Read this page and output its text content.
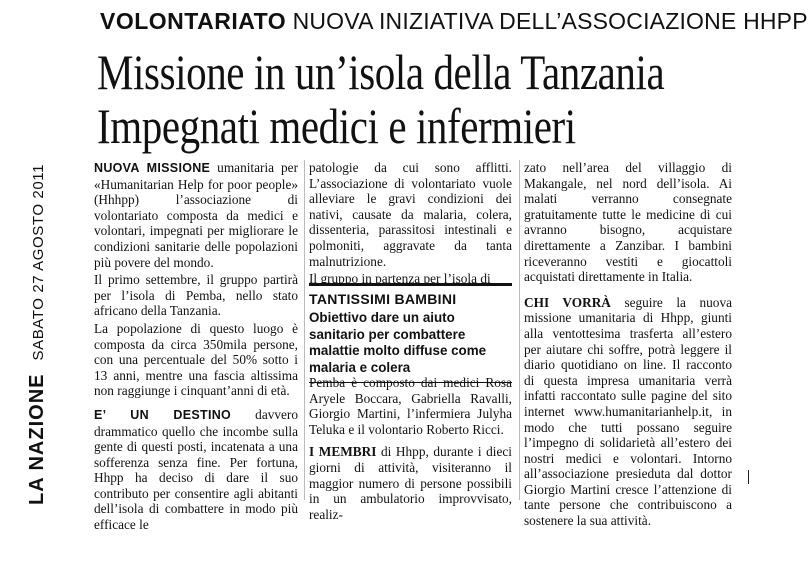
VOLONTARIATO NUOVA INIZIATIVA DELL’ASSOCIAZIONE HHPP
Missione in un’isola della Tanzania
Impegnati medici e infermieri
LA NAZIONE SABATO 27 AGOSTO 2011	NUOVA MISSIONE umanitaria per «Humanitarian Help for poor people» (Hhhpp) l’associazione di volontariato composta da medici e volontari, impegnati per migliorare le condizioni sanitarie delle popolazioni più povere del mondo.

Il primo settembre, il gruppo partirà per l’isola di Pemba, nello stato africano della Tanzania.

La popolazione di questo luogo è composta da circa 350mila persone, con una percentuale del 50% sotto i 13 anni, mentre una fascia altissima non raggiunge i cinquant’anni di età.

E’ UN DESTINO davvero drammatico quello che incombe sulla gente di questi posti, incatenata a una sofferenza senza fine. Per fortuna, Hhpp ha deciso di dare il suo contributo per consentire agli abitanti dell’isola di combattere in modo più efficace le

patologie da cui sono afflitti. L’associazione di volontariato vuole alleviare le gravi condizioni dei nativi, causate da malaria, colera, dissenteria, parassitosi intestinali e polmoniti, aggravate da tanta malnutrizione.

Il gruppo in partenza per l’isola di

TANTISSIMI BAMBINI
Obiettivo dare un aiuto sanitario per combattere malattie molto diffuse come malaria e colera

Pemba è composto dai medici Rosa Aryele Boccara, Gabriella Ravalli, Giorgio Martini, l’infermiera Julyha Teluka e il volontario Roberto Ricci.

I MEMBRI di Hhpp, durante i dieci giorni di attività, visiteranno il maggior numero di persone possibili in un ambulatorio improvvisato, realiz-

zato nell’area del villaggio di Makangale, nel nord dell’isola. Ai malati verranno consegnate gratuitamente tutte le medicine di cui avranno bisogno, acquistare direttamente a Zanzibar. I bambini riceveranno vestiti e giocattoli acquistati direttamente in Italia.

CHI VORRÀ seguire la nuova missione umanitaria di Hhpp, giunti alla ventottesima trasferta all’estero per aiutare chi soffre, potrà leggere il diario quotidiano on line. Il racconto di questa impresa umanitaria verrà infatti raccontato sulle pagine del sito internet www.humanitarianhelp.it, in modo che tutti possano seguire l’impegno di solidarietà all’estero dei nostri medici e volontari. Intorno all’associazione presieduta dal dottor Giorgio Martini cresce l’attenzione di tante persone che contribuiscono a sostenere la sua attività.
